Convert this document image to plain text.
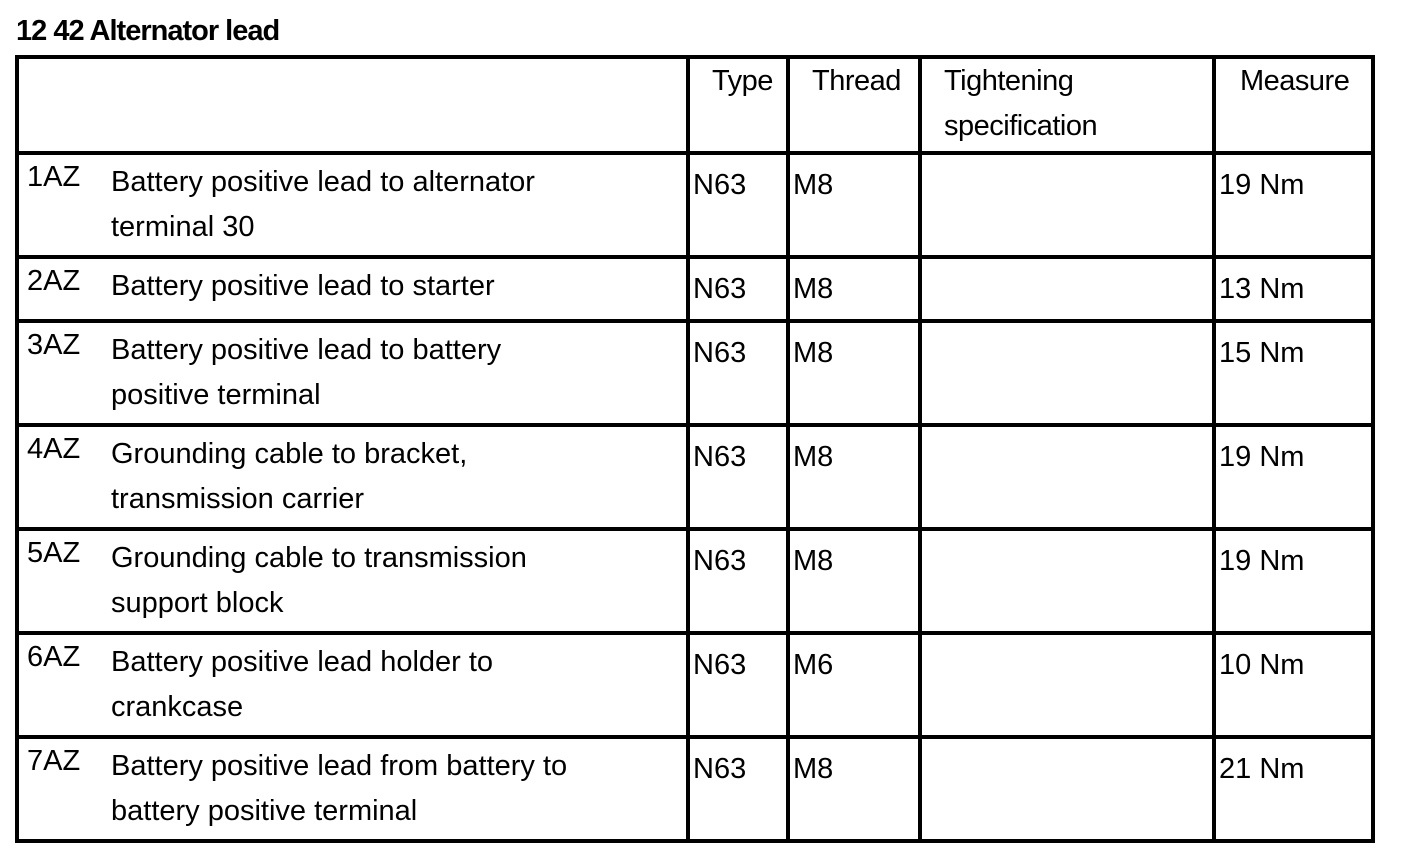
12 42 Alternator lead
	Type	Thread	Tightening
specification	Measure

1AZ Battery positive lead to alternator
terminal 30	N63	M8		19 Nm

2AZ Battery positive lead to starter	N63	M8		13 Nm

3AZ Battery positive lead to battery
positive terminal	N63	M8		15 Nm

4AZ Grounding cable to bracket,
transmission carrier	N63	M8		19 Nm

5AZ Grounding cable to transmission
support block	N63	M8		19 Nm

6AZ Battery positive lead holder to
crankcase	N63	M6		10 Nm

7AZ Battery positive lead from battery to
battery positive terminal	N63	M8		21 Nm
